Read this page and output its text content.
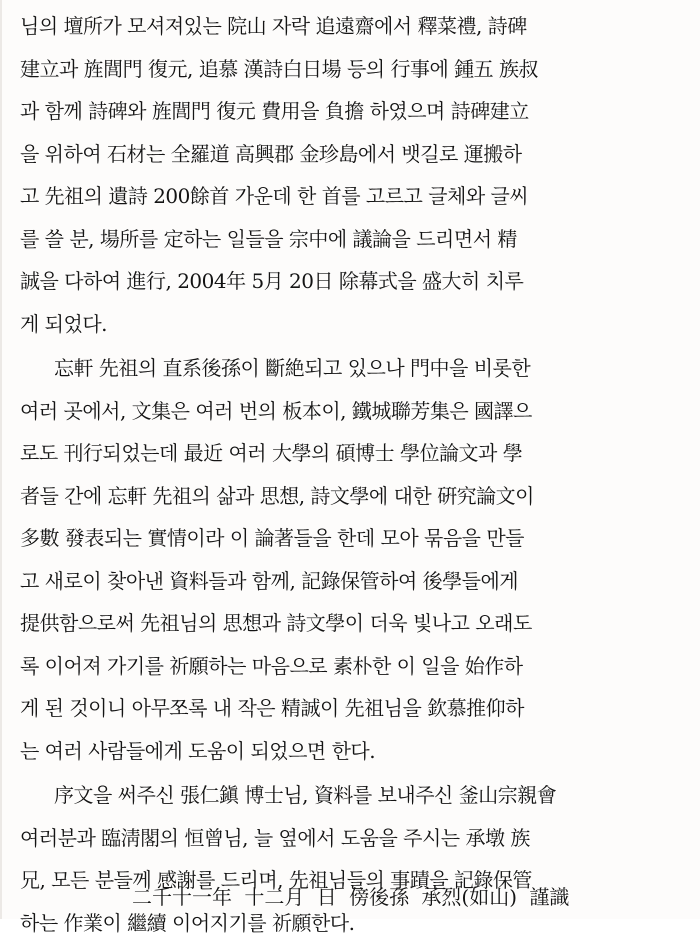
님의 壇所가 모셔져있는 院山 자락 追遠齋에서 釋菜禮, 詩碑
建立과 旌閭門 復元, 追慕 漢詩白日場 등의 行事에 鍾五 族叔
과 함께 詩碑와 旌閭門 復元 費用을 負擔 하였으며 詩碑建立
을 위하여 石材는 全羅道 高興郡 金珍島에서 뱃길로 運搬하
고 先祖의 遺詩 200餘首 가운데 한 首를 고르고 글체와 글씨
를 쓸 분, 場所를 定하는 일들을 宗中에 議論을 드리면서 精
誠을 다하여 進行, 2004年 5月 20日 除幕式을 盛大히 치루
게 되었다.
忘軒 先祖의 直系後孫이 斷絶되고 있으나 門中을 비롯한
여러 곳에서, 文集은 여러 번의 板本이, 鐵城聯芳集은 國譯으
로도 刊行되었는데 最近 여러 大學의 碩博士 學位論文과 學
者들 간에 忘軒 先祖의 삶과 思想, 詩文學에 대한 硏究論文이
多數 發表되는 實情이라 이 論著들을 한데 모아 묶음을 만들
고 새로이 찾아낸 資料들과 함께, 記錄保管하여 後學들에게
提供함으로써 先祖님의 思想과 詩文學이 더욱 빛나고 오래도
록 이어져 가기를 祈願하는 마음으로 素朴한 이 일을 始作하
게 된 것이니 아무쪼록 내 작은 精誠이 先祖님을 欽慕推仰하
는 여러 사람들에게 도움이 되었으면 한다.
序文을 써주신 張仁鎭 博士님, 資料를 보내주신 釜山宗親會
여러분과 臨淸閣의 恒曾님, 늘 옆에서 도움을 주시는 承墩 族
兄, 모든 분들께 感謝를 드리며, 先祖님들의 事蹟을 記錄保管
하는 作業이 繼續 이어지기를 祈願한다.
二千十一年 十二月 日 傍後孫 承烈(如山) 謹識
